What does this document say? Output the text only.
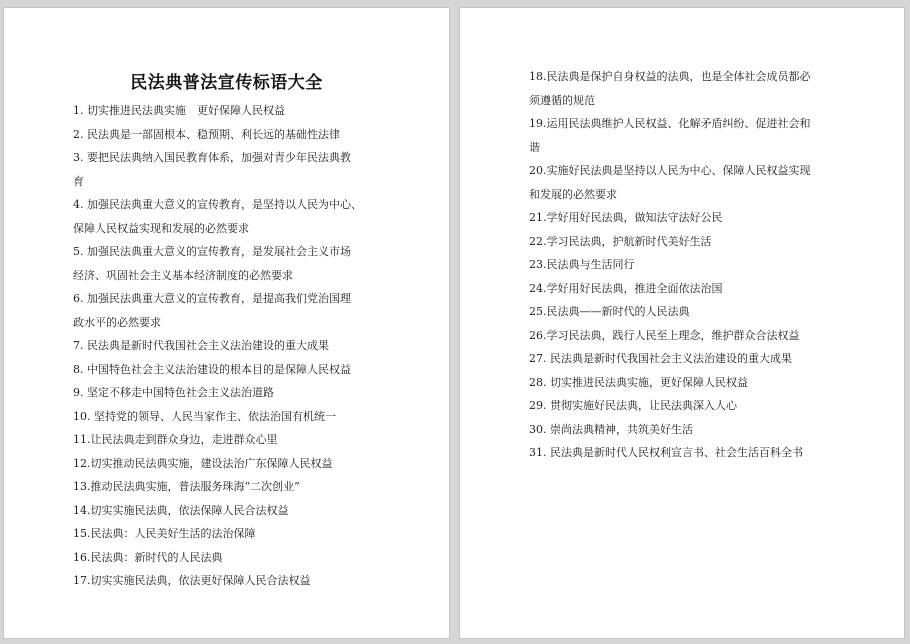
民法典普法宣传标语大全
1. 切实推进民法典实施　更好保障人民权益
2. 民法典是一部固根本、稳预期、利长远的基础性法律
3. 要把民法典纳入国民教育体系，加强对青少年民法典教
育
4. 加强民法典重大意义的宣传教育，是坚持以人民为中心、
保障人民权益实现和发展的必然要求
5. 加强民法典重大意义的宣传教育，是发展社会主义市场
经济、巩固社会主义基本经济制度的必然要求
6. 加强民法典重大意义的宣传教育，是提高我们党治国理
政水平的必然要求
7. 民法典是新时代我国社会主义法治建设的重大成果
8. 中国特色社会主义法治建设的根本目的是保障人民权益
9. 坚定不移走中国特色社会主义法治道路
10. 坚持党的领导、人民当家作主、依法治国有机统一
11.让民法典走到群众身边，走进群众心里
12.切实推动民法典实施，建设法治广东保障人民权益
13.推动民法典实施，普法服务珠海“二次创业”
14.切实实施民法典，依法保障人民合法权益
15.民法典：人民美好生活的法治保障
16.民法典：新时代的人民法典
17.切实实施民法典，依法更好保障人民合法权益
18.民法典是保护自身权益的法典，也是全体社会成员都必
须遵循的规范
19.运用民法典维护人民权益、化解矛盾纠纷、促进社会和
谐
20.实施好民法典是坚持以人民为中心、保障人民权益实现
和发展的必然要求
21.学好用好民法典，做知法守法好公民
22.学习民法典，护航新时代美好生活
23.民法典与生活同行
24.学好用好民法典，推进全面依法治国
25.民法典——新时代的人民法典
26.学习民法典，践行人民至上理念，维护群众合法权益
27. 民法典是新时代我国社会主义法治建设的重大成果
28. 切实推进民法典实施，更好保障人民权益
29. 贯彻实施好民法典，让民法典深入人心
30. 崇尚法典精神，共筑美好生活
31. 民法典是新时代人民权利宣言书、社会生活百科全书
